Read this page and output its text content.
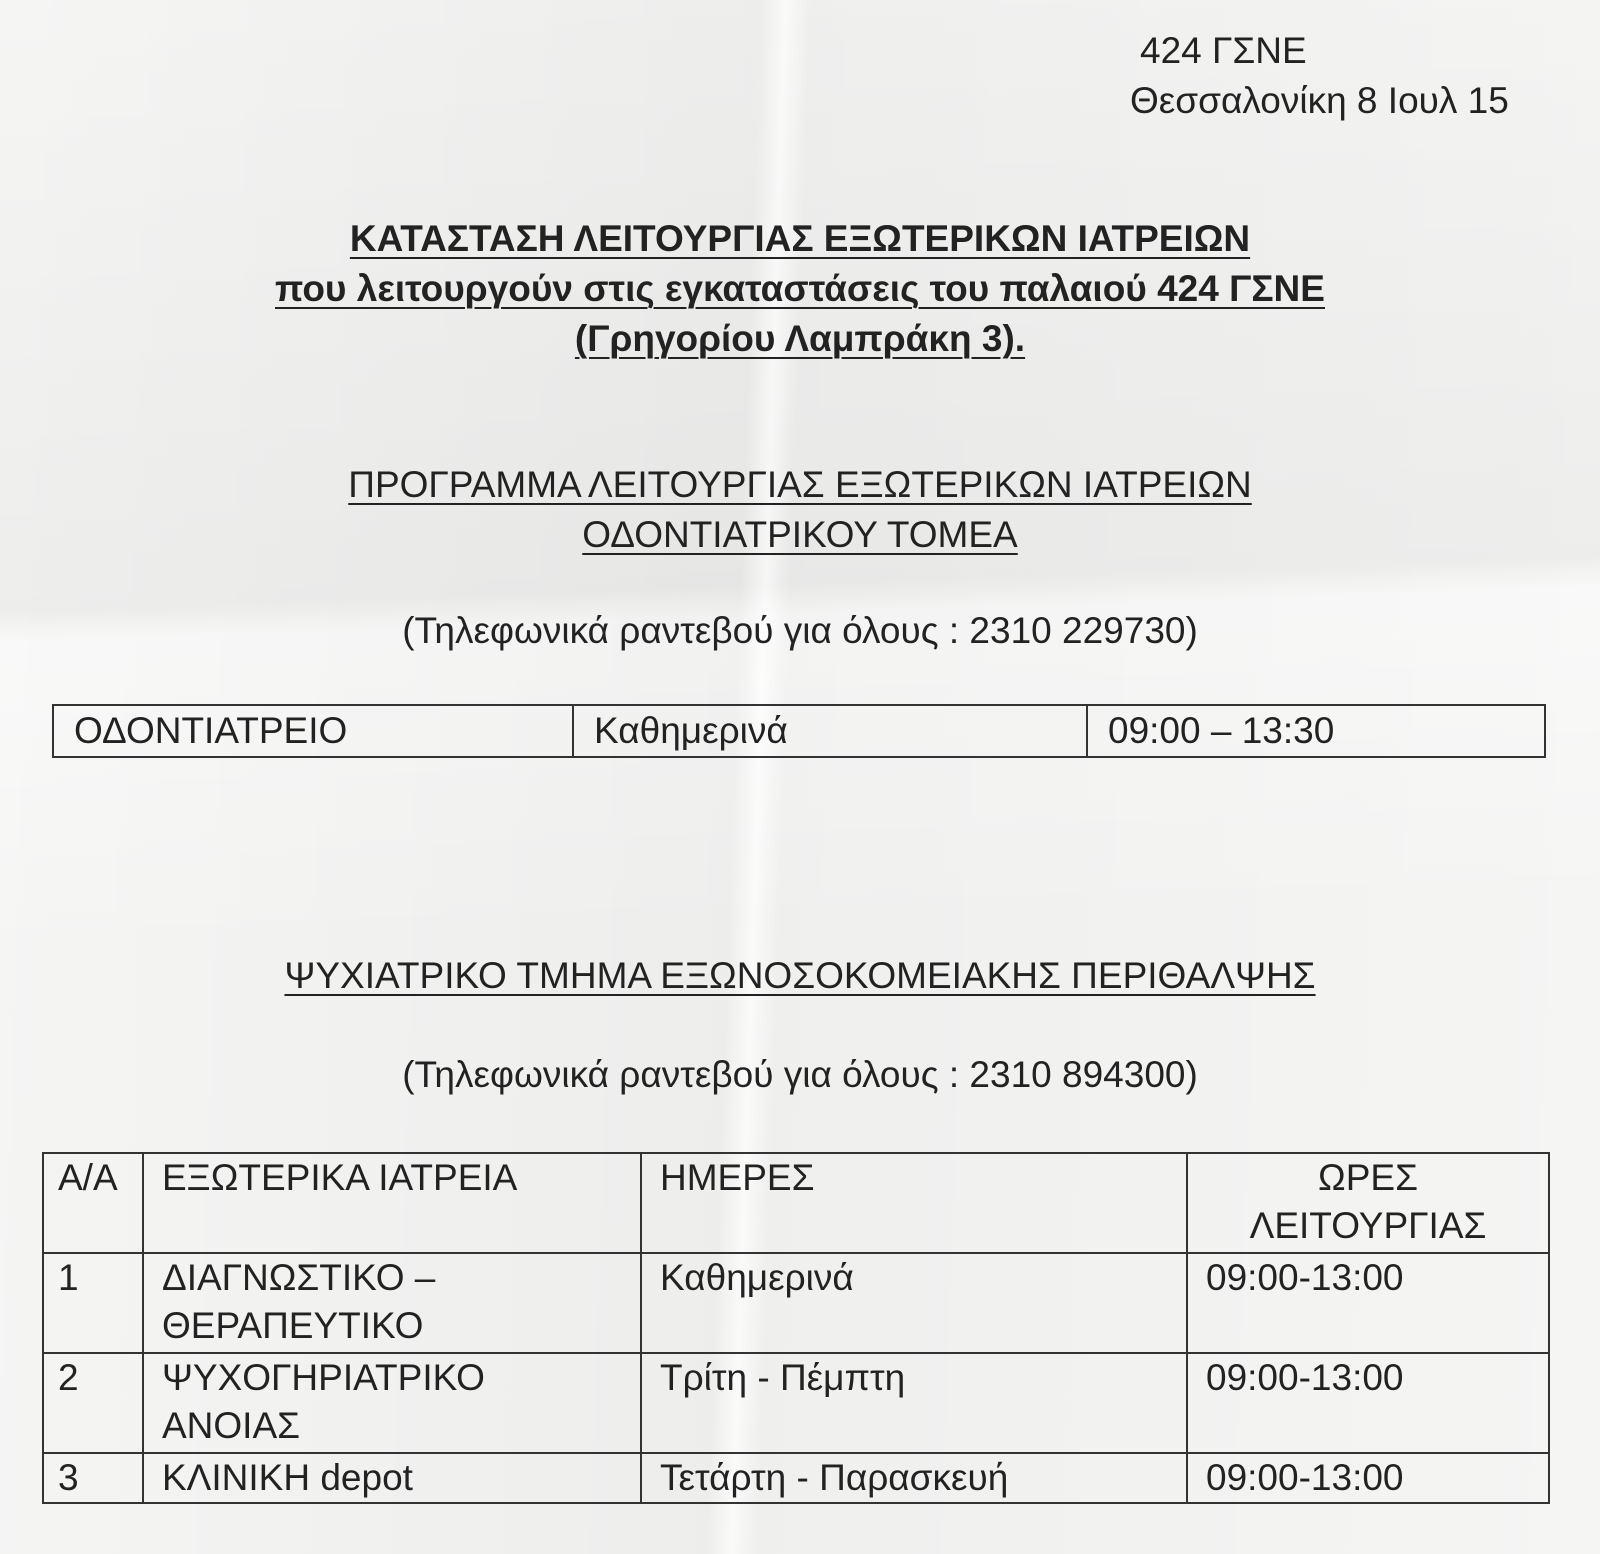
424 ΓΣΝΕ
Θεσσαλονίκη 8 Ιουλ 15
ΚΑΤΑΣΤΑΣΗ ΛΕΙΤΟΥΡΓΙΑΣ ΕΞΩΤΕΡΙΚΩΝ ΙΑΤΡΕΙΩΝ
που λειτουργούν στις εγκαταστάσεις του παλαιού 424 ΓΣΝΕ
(Γρηγορίου Λαμπράκη 3).
ΠΡΟΓΡΑΜΜΑ ΛΕΙΤΟΥΡΓΙΑΣ ΕΞΩΤΕΡΙΚΩΝ ΙΑΤΡΕΙΩΝ
ΟΔΟΝΤΙΑΤΡΙΚΟΥ ΤΟΜΕΑ
(Τηλεφωνικά ραντεβού για όλους : 2310 229730)
ΟΔΟΝΤΙΑΤΡΕΙΟ	Καθημερινά	09:00 – 13:30
ΨΥΧΙΑΤΡΙΚΟ ΤΜΗΜΑ ΕΞΩΝΟΣΟΚΟΜΕΙΑΚΗΣ ΠΕΡΙΘΑΛΨΗΣ
(Τηλεφωνικά ραντεβού για όλους : 2310 894300)
Α/Α	ΕΞΩΤΕΡΙΚΑ ΙΑΤΡΕΙΑ	ΗΜΕΡΕΣ	ΩΡΕΣ
ΛΕΙΤΟΥΡΓΙΑΣ

1	ΔΙΑΓΝΩΣΤΙΚΟ –
ΘΕΡΑΠΕΥΤΙΚΟ	Καθημερινά	09:00-13:00
2	ΨΥΧΟΓΗΡΙΑΤΡΙΚΟ
ΑΝΟΙΑΣ	Τρίτη - Πέμπτη	09:00-13:00
3	ΚΛΙΝΙΚΗ depot	Τετάρτη - Παρασκευή	09:00-13:00
